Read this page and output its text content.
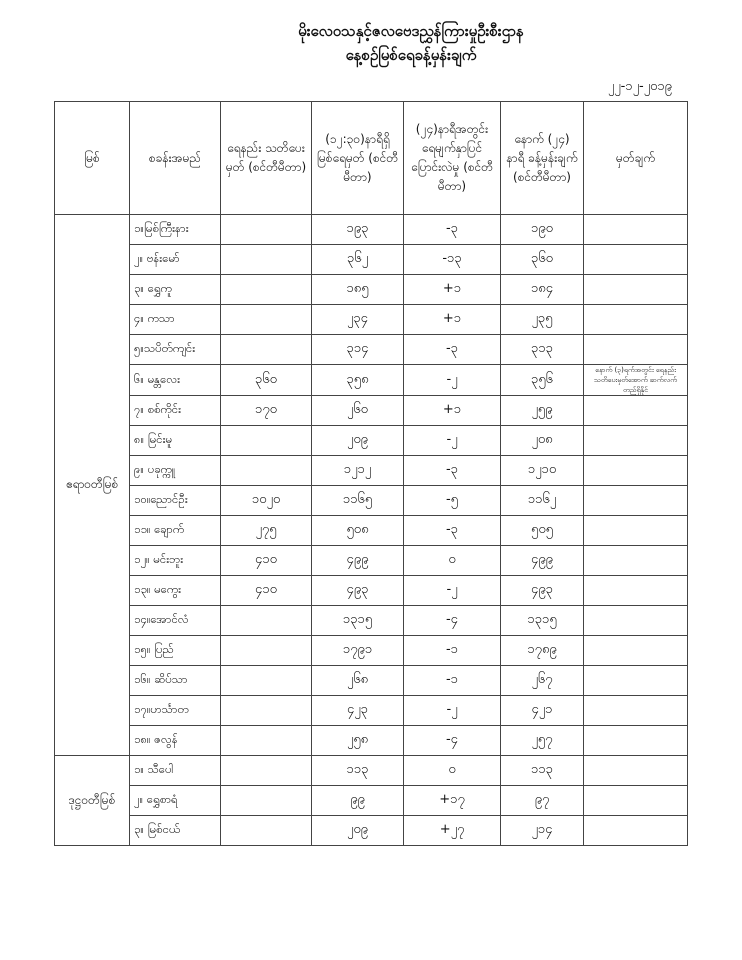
မိုးလေဝသနှင့်ဇလဗေဒညွှန်ကြားမှုဦးစီးဌာန
နေ့စဉ်မြစ်ရေခန့်မှန်းချက်
၂၂-၁၂-၂၀၁၉
မြစ်	စခန်းအမည်	ရေနည်း သတိပေးမှတ် (စင်တီမီတာ)	(၁၂:၃၀)နာရီရှိ မြစ်ရေမှတ် (စင်တီမီတာ)	(၂၄)နာရီအတွင်း ရေမျက်နှာပြင် ပြောင်းလဲမှု (စင်တီမီတာ)	နောက် (၂၄) နာရီ ခန့်မှန်းချက် (စင်တီမီတာ)	မှတ်ချက်
ဧရာဝတီမြစ်	၁။မြစ်ကြီးနား		၁၉၃	-၃	၁၉၀	
	၂။ ဗန်းမော်		၃၆၂	-၁၃	၃၆၀	
	၃။ ရွှေကူ		၁၈၅	+၁	၁၈၄	
	၄။ ကသာ		၂၃၄	+၁	၂၃၅	
	၅။သပိတ်ကျင်း		၃၁၄	-၃	၃၁၃	
	၆။ မန္တလေး	၃၆၀	၃၅၈	-၂	၃၅၆	နောက် (၃)ရက်အတွင်း ရေနည်းသတိပေးမှတ်အောက် ဆက်လက်တည်ရှိနိုင်
	၇။ စစ်ကိုင်း	၁၇၀	၂၆၀	+၁	၂၅၉	
	၈။ မြင်းမူ		၂၀၉	-၂	၂၀၈	
	၉။ ပခုက္ကူ		၁၂၁၂	-၃	၁၂၁၀	
	၁၀။ညောင်ဦး	၁၀၂၀	၁၁၆၅	-၅	၁၁၆၂	
	၁၁။ ချောက်	၂၇၅	၅၀၈	-၃	၅၀၅	
	၁၂။ မင်းဘူး	၄၁၀	၄၉၉	၀	၄၉၉	
	၁၃။ မကွေး	၄၁၀	၄၉၃	-၂	၄၉၃	
	၁၄။အောင်လံ		၁၃၁၅	-၄	၁၃၁၅	
	၁၅။ ပြည်		၁၇၉၁	-၁	၁၇၈၉	
	၁၆။ ဆိပ်သာ		၂၆၈	-၁	၂၆၇	
	၁၇။ဟင်္သာတ		၄၂၃	-၂	၄၂၁	
	၁၈။ ဇလွန်		၂၅၈	-၄	၂၅၇	
ဒုဋ္ဌဝတီမြစ်	၁။ သီပေါ		၁၁၃	၀	၁၁၃	
	၂။ ရွှေစာရံ		၉၉	+၁၇	၉၇	
	၃။ မြစ်ငယ်		၂၀၉	+၂၇	၂၁၄	
